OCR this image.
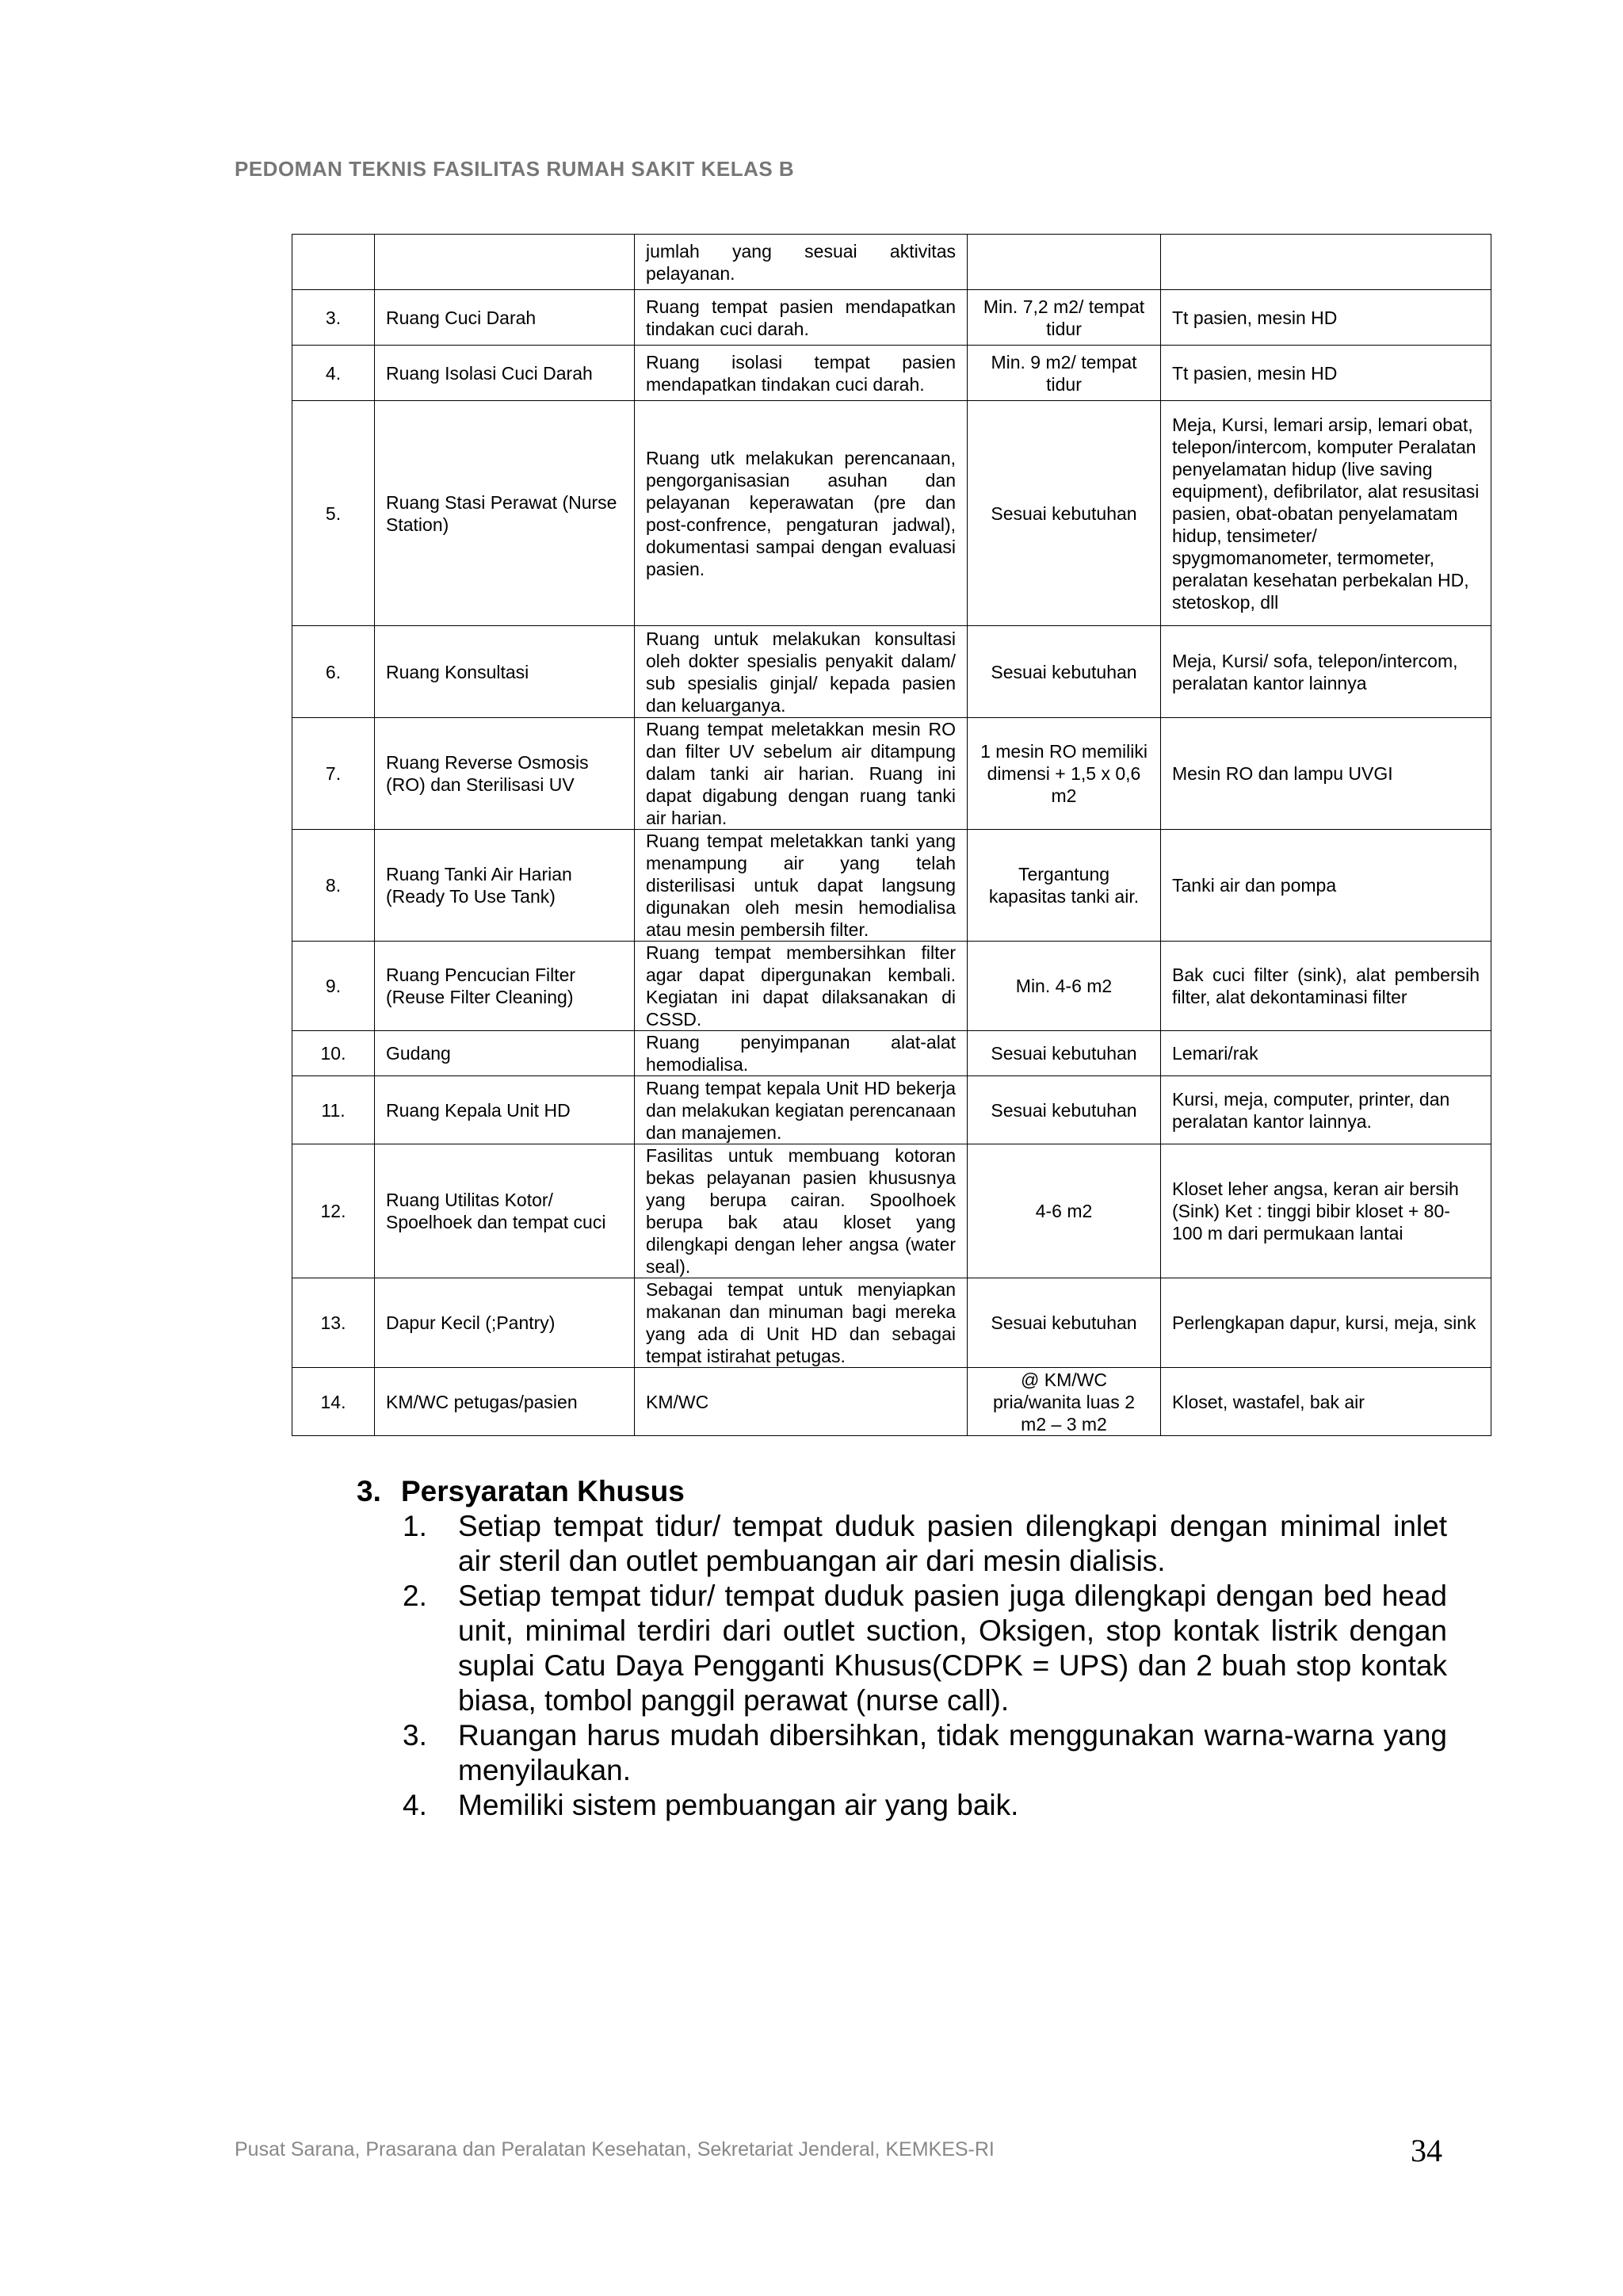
PEDOMAN TEKNIS FASILITAS RUMAH SAKIT KELAS B
		jumlah yang sesuai aktivitas pelayanan.		
3.	Ruang Cuci Darah	Ruang tempat pasien mendapatkan tindakan cuci darah.	Min. 7,2 m2/ tempat tidur	Tt pasien, mesin HD
4.	Ruang Isolasi Cuci Darah	Ruang isolasi tempat pasien mendapatkan tindakan cuci darah.	Min. 9 m2/ tempat tidur	Tt pasien, mesin HD
5.	Ruang Stasi Perawat (Nurse Station)	Ruang utk melakukan perencanaan, pengorganisasian asuhan dan pelayanan keperawatan (pre dan post-confrence, pengaturan jadwal), dokumentasi sampai dengan evaluasi pasien.	Sesuai kebutuhan	Meja, Kursi, lemari arsip, lemari obat, telepon/intercom, komputer Peralatan penyelamatan hidup (live saving equipment), defibrilator, alat resusitasi pasien, obat-obatan penyelamatam hidup, tensimeter/ spygmomanometer, termometer, peralatan kesehatan perbekalan HD, stetoskop, dll
6.	Ruang Konsultasi	Ruang untuk melakukan konsultasi oleh dokter spesialis penyakit dalam/ sub spesialis ginjal/ kepada pasien dan keluarganya.	Sesuai kebutuhan	Meja, Kursi/ sofa, telepon/intercom, peralatan kantor lainnya
7.	Ruang Reverse Osmosis (RO) dan Sterilisasi UV	Ruang tempat meletakkan mesin RO dan filter UV sebelum air ditampung dalam tanki air harian. Ruang ini dapat digabung dengan ruang tanki air harian.	1 mesin RO memiliki dimensi + 1,5 x 0,6 m2	Mesin RO dan lampu UVGI
8.	Ruang Tanki Air Harian (Ready To Use Tank)	Ruang tempat meletakkan tanki yang menampung air yang telah disterilisasi untuk dapat langsung digunakan oleh mesin hemodialisa atau mesin pembersih filter.	Tergantung kapasitas tanki air.	Tanki air dan pompa
9.	Ruang Pencucian Filter (Reuse Filter Cleaning)	Ruang tempat membersihkan filter agar dapat dipergunakan kembali. Kegiatan ini dapat dilaksanakan di CSSD.	Min. 4-6 m2	Bak cuci filter (sink), alat pembersih filter, alat dekontaminasi filter
10.	Gudang	Ruang penyimpanan alat-alat hemodialisa.	Sesuai kebutuhan	Lemari/rak
11.	Ruang Kepala Unit HD	Ruang tempat kepala Unit HD bekerja dan melakukan kegiatan perencanaan dan manajemen.	Sesuai kebutuhan	Kursi, meja, computer, printer, dan peralatan kantor lainnya.
12.	Ruang Utilitas Kotor/ Spoelhoek dan tempat cuci	Fasilitas untuk membuang kotoran bekas pelayanan pasien khususnya yang berupa cairan. Spoolhoek berupa bak atau kloset yang dilengkapi dengan leher angsa (water seal).	4-6 m2	Kloset leher angsa, keran air bersih (Sink) Ket : tinggi bibir kloset + 80-100 m dari permukaan lantai
13.	Dapur Kecil (;Pantry)	Sebagai tempat untuk menyiapkan makanan dan minuman bagi mereka yang ada di Unit HD dan sebagai tempat istirahat petugas.	Sesuai kebutuhan	Perlengkapan dapur, kursi, meja, sink
14.	KM/WC petugas/pasien	KM/WC	@ KM/WC pria/wanita luas 2 m2 – 3 m2	Kloset, wastafel, bak air
3. Persyaratan Khusus
1. Setiap tempat tidur/ tempat duduk pasien dilengkapi dengan minimal inlet air steril dan outlet pembuangan air dari mesin dialisis.
2. Setiap tempat tidur/ tempat duduk pasien juga dilengkapi dengan bed head unit, minimal terdiri dari outlet suction, Oksigen, stop kontak listrik dengan suplai Catu Daya Pengganti Khusus(CDPK = UPS) dan 2 buah stop kontak biasa, tombol panggil perawat (nurse call).
3. Ruangan harus mudah dibersihkan, tidak menggunakan warna-warna yang menyilaukan.
4. Memiliki sistem pembuangan air yang baik.
Pusat Sarana, Prasarana dan Peralatan Kesehatan, Sekretariat Jenderal, KEMKES-RI	34
